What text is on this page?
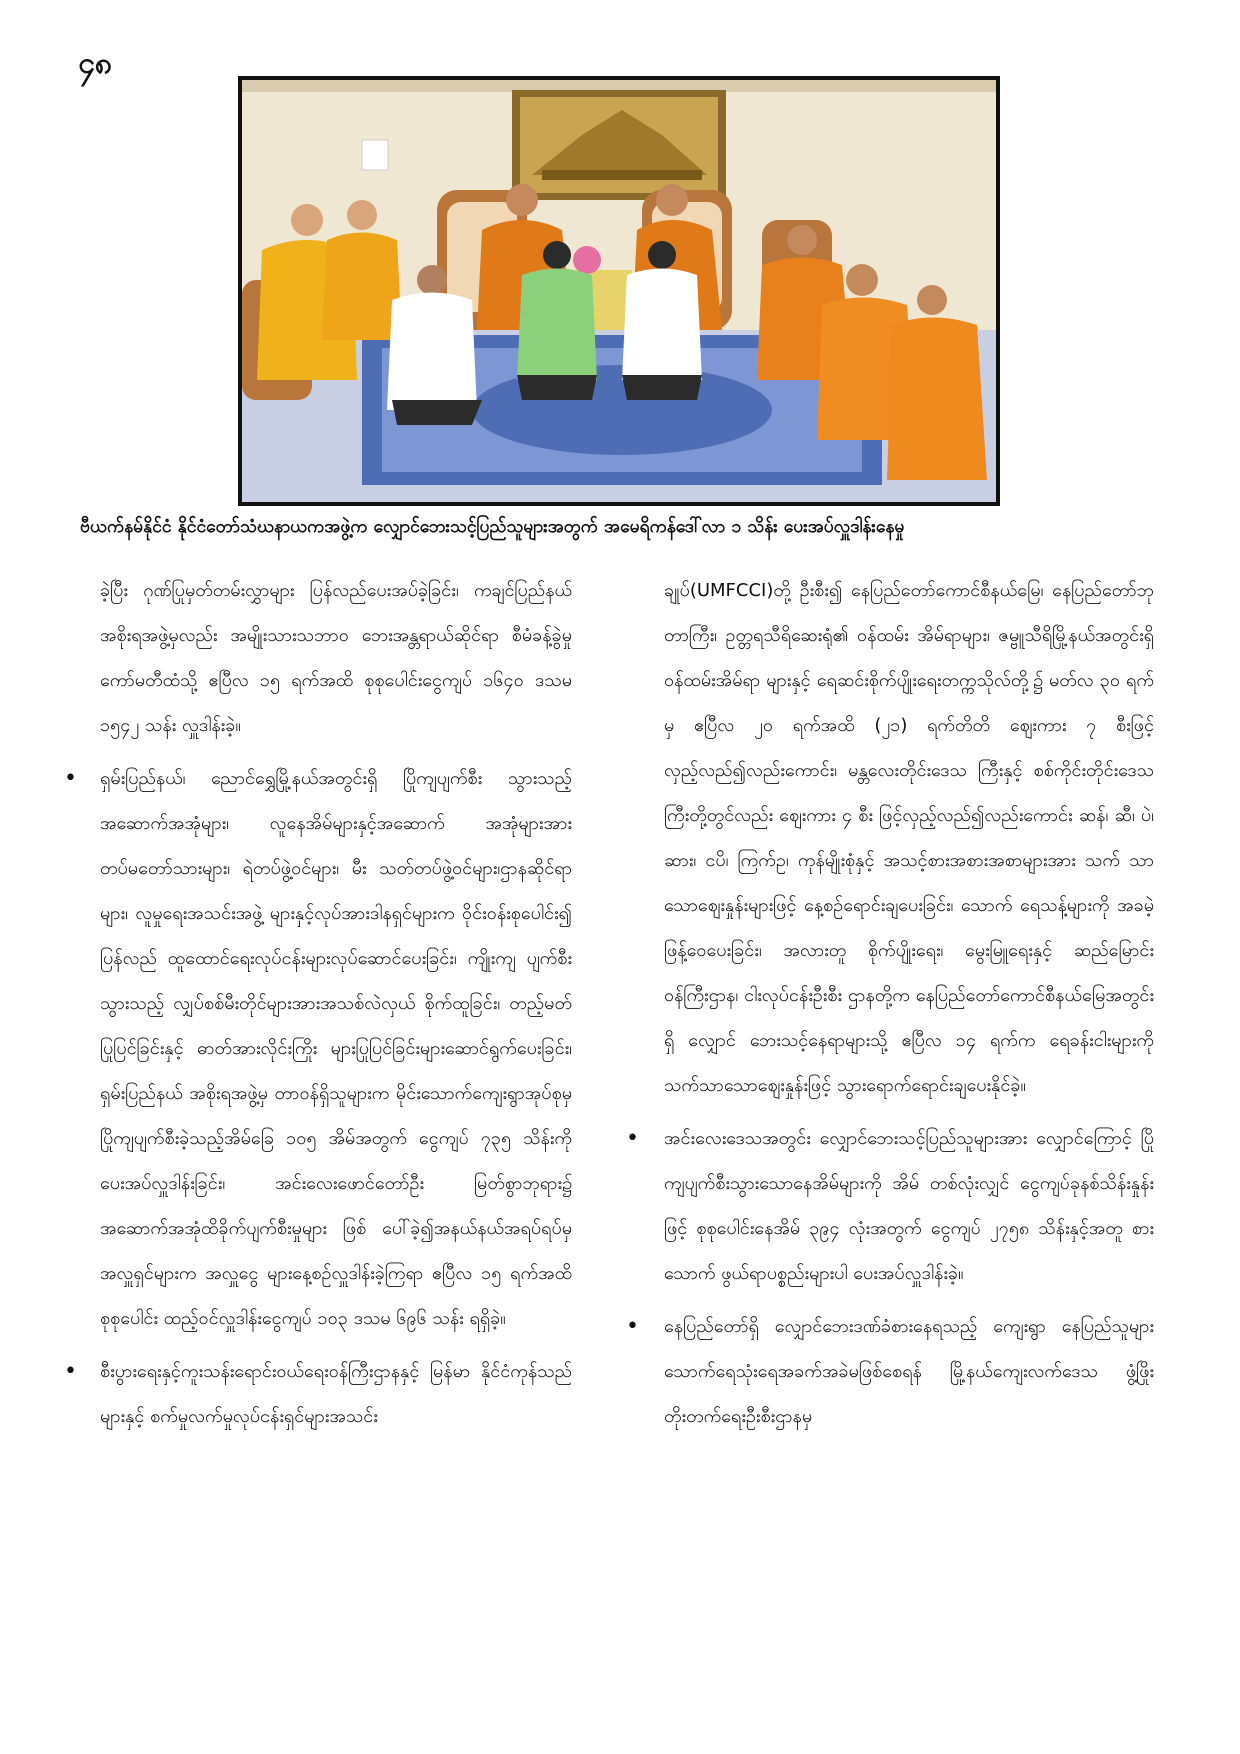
၄၈
ဗီယက်နမ်နိုင်ငံ နိုင်ငံတော်သံဃနာယကအဖွဲ့က လျှောင်ဘေးသင့်ပြည်သူများအတွက် အမေရိကန်ဒေါ်လာ ၁ သိန်း ပေးအပ်လှူဒါန်းနေမှု

ခဲ့ပြီး ဂုဏ်ပြုမှတ်တမ်းလွှာများ ပြန်လည်ပေးအပ်ခဲ့ခြင်း၊ ကချင်ပြည်နယ်အစိုးရအဖွဲ့မှလည်း အမျိုးသားသဘာဝ ဘေးအန္တရာယ်ဆိုင်ရာ စီမံခန့်ခွဲမှုကော်မတီထံသို့ ဧပြီလ ၁၅ ရက်အထိ စုစုပေါင်းငွေကျပ် ၁၆၄၀ ဒသမ ၁၅၄၂ သန်း လှူဒါန်းခဲ့။

• ရှမ်းပြည်နယ်၊ ညောင်ရွှေမြို့နယ်အတွင်းရှိ ပြိုကျပျက်စီး သွားသည့်အဆောက်အအုံများ၊ လူနေအိမ်များနှင့်အဆောက် အအုံများအား တပ်မတော်သားများ၊ ရဲတပ်ဖွဲ့ဝင်များ၊ မီး သတ်တပ်ဖွဲ့ဝင်များ၊ဌာနဆိုင်ရာများ၊ လူမှုရေးအသင်းအဖွဲ့ များနှင့်လုပ်အားဒါနရှင်များက ဝိုင်းဝန်းစုပေါင်း၍ ပြန်လည် ထူထောင်ရေးလုပ်ငန်းများလုပ်ဆောင်ပေးခြင်း၊ ကျိုးကျ ပျက်စီးသွားသည့် လျှပ်စစ်မီးတိုင်များအားအသစ်လဲလှယ် စိုက်ထူခြင်း၊ တည့်မတ်ပြုပြင်ခြင်းနှင့် ဓာတ်အားလိုင်းကြိုး များပြုပြင်ခြင်းများဆောင်ရွက်ပေးခြင်း၊ ရှမ်းပြည်နယ် အစိုးရအဖွဲ့မှ တာဝန်ရှိသူများက မိုင်းသောက်ကျေးရွာအုပ်စုမှ ပြိုကျပျက်စီးခဲ့သည့်အိမ်ခြေ ၁၀၅ အိမ်အတွက် ငွေကျပ် ၇၃၅ သိန်းကိုပေးအပ်လှူဒါန်းခြင်း၊ အင်းလေးဖောင်တော်ဦး မြတ်စွာဘုရား၌ အဆောက်အအုံထိခိုက်ပျက်စီးမှုများ ဖြစ် ပေါ်ခဲ့၍အနယ်နယ်အရပ်ရပ်မှ အလှူရှင်များက အလှူငွေ များနေ့စဉ်လှူဒါန်းခဲ့ကြရာ ဧပြီလ ၁၅ ရက်အထိ စုစုပေါင်း ထည့်ဝင်လှူဒါန်းငွေကျပ် ၁၀၃ ဒသမ ၆၉၆ သန်း ရရှိခဲ့။

• စီးပွားရေးနှင့်ကူးသန်းရောင်းဝယ်ရေးဝန်ကြီးဌာနနှင့် မြန်မာ နိုင်ငံကုန်သည်များနှင့် စက်မှုလက်မှုလုပ်ငန်းရှင်များအသင်း

ချုပ်(UMFCCI)တို့ ဦးစီး၍ နေပြည်တော်ကောင်စီနယ်မြေ၊ နေပြည်တော်ဘုတာကြီး၊ ဥတ္တရသီရိဆေးရုံ၏ ဝန်ထမ်း အိမ်ရာများ၊ ဇမ္ဗူသီရိမြို့နယ်အတွင်းရှိ ဝန်ထမ်းအိမ်ရာ များနှင့် ရေဆင်းစိုက်ပျိုးရေးတက္ကသိုလ်တို့၌ မတ်လ ၃၀ ရက်မှ ဧပြီလ ၂၀ ရက်အထိ (၂၁) ရက်တိတိ ဈေးကား ၇ စီးဖြင့်လှည့်လည်၍လည်းကောင်း၊ မန္တလေးတိုင်းဒေသ ကြီးနှင့် စစ်ကိုင်းတိုင်းဒေသကြီးတို့တွင်လည်း ဈေးကား ၄ စီး ဖြင့်လှည့်လည်၍လည်းကောင်း ဆန်၊ ဆီ၊ ပဲ၊ ဆား၊ ငပိ၊ ကြက်ဥ၊ ကုန်မျိုးစုံနှင့် အသင့်စားအစားအစာများအား သက် သာသောဈေးနှုန်းများဖြင့် နေ့စဉ်ရောင်းချပေးခြင်း၊ သောက် ရေသန့်များကို အခမဲ့ဖြန့်ဝေပေးခြင်း၊ အလားတူ စိုက်ပျိုးရေး၊ မွေးမြူရေးနှင့် ဆည်မြောင်းဝန်ကြီးဌာန၊ ငါးလုပ်ငန်းဦးစီး ဌာနတို့က နေပြည်တော်ကောင်စီနယ်မြေအတွင်းရှိ လျှောင် ဘေးသင့်နေရာများသို့ ဧပြီလ ၁၄ ရက်က ရေခန်းငါးများကို သက်သာသောဈေးနှုန်းဖြင့် သွားရောက်ရောင်းချပေးနိုင်ခဲ့။

• အင်းလေးဒေသအတွင်း လျှောင်ဘေးသင့်ပြည်သူများအား လျှောင်ကြောင့် ပြိုကျပျက်စီးသွားသောနေအိမ်များကို အိမ် တစ်လုံးလျှင် ငွေကျပ်ခုနစ်သိန်းနှုန်းဖြင့် စုစုပေါင်းနေအိမ် ၃၉၄ လုံးအတွက် ငွေကျပ် ၂၇၅၈ သိန်းနှင့်အတူ စားသောက် ဖွယ်ရာပစ္စည်းများပါ ပေးအပ်လှူဒါန်းခဲ့။

• နေပြည်တော်ရှိ လျှောင်ဘေးဒဏ်ခံစားနေရသည့် ကျေးရွာ နေပြည်သူများ သောက်ရေသုံးရေအခက်အခဲမဖြစ်စေရန် မြို့နယ်ကျေးလက်ဒေသ ဖွံ့ဖြိုးတိုးတက်ရေးဦးစီးဌာနမှ
